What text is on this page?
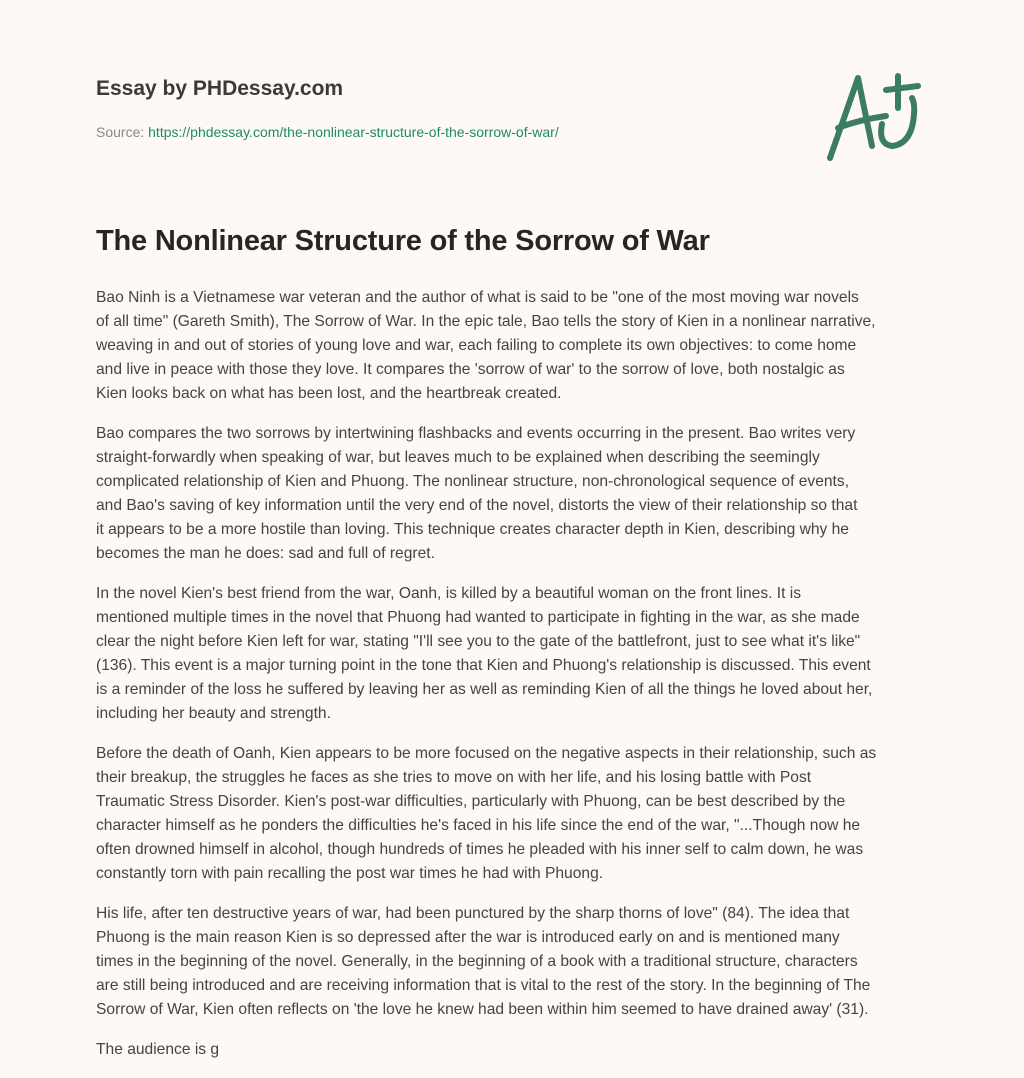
Essay by PHDessay.com
Source: https://phdessay.com/the-nonlinear-structure-of-the-sorrow-of-war/
The Nonlinear Structure of the Sorrow of War
Bao Ninh is a Vietnamese war veteran and the author of what is said to be "one of the most moving war novels
of all time" (Gareth Smith), The Sorrow of War. In the epic tale, Bao tells the story of Kien in a nonlinear narrative,
weaving in and out of stories of young love and war, each failing to complete its own objectives: to come home
and live in peace with those they love. It compares the 'sorrow of war' to the sorrow of love, both nostalgic as
Kien looks back on what has been lost, and the heartbreak created.
Bao compares the two sorrows by intertwining flashbacks and events occurring in the present. Bao writes very
straight-forwardly when speaking of war, but leaves much to be explained when describing the seemingly
complicated relationship of Kien and Phuong. The nonlinear structure, non-chronological sequence of events,
and Bao's saving of key information until the very end of the novel, distorts the view of their relationship so that
it appears to be a more hostile than loving. This technique creates character depth in Kien, describing why he
becomes the man he does: sad and full of regret.
In the novel Kien's best friend from the war, Oanh, is killed by a beautiful woman on the front lines. It is
mentioned multiple times in the novel that Phuong had wanted to participate in fighting in the war, as she made
clear the night before Kien left for war, stating "I'll see you to the gate of the battlefront, just to see what it's like"
(136). This event is a major turning point in the tone that Kien and Phuong's relationship is discussed. This event
is a reminder of the loss he suffered by leaving her as well as reminding Kien of all the things he loved about her,
including her beauty and strength.
Before the death of Oanh, Kien appears to be more focused on the negative aspects in their relationship, such as
their breakup, the struggles he faces as she tries to move on with her life, and his losing battle with Post
Traumatic Stress Disorder. Kien's post-war difficulties, particularly with Phuong, can be best described by the
character himself as he ponders the difficulties he's faced in his life since the end of the war, "...Though now he
often drowned himself in alcohol, though hundreds of times he pleaded with his inner self to calm down, he was
constantly torn with pain recalling the post war times he had with Phuong.
His life, after ten destructive years of war, had been punctured by the sharp thorns of love" (84). The idea that
Phuong is the main reason Kien is so depressed after the war is introduced early on and is mentioned many
times in the beginning of the novel. Generally, in the beginning of a book with a traditional structure, characters
are still being introduced and are receiving information that is vital to the rest of the story. In the beginning of The
Sorrow of War, Kien often reflects on 'the love he knew had been within him seemed to have drained away' (31).
The audience is g
